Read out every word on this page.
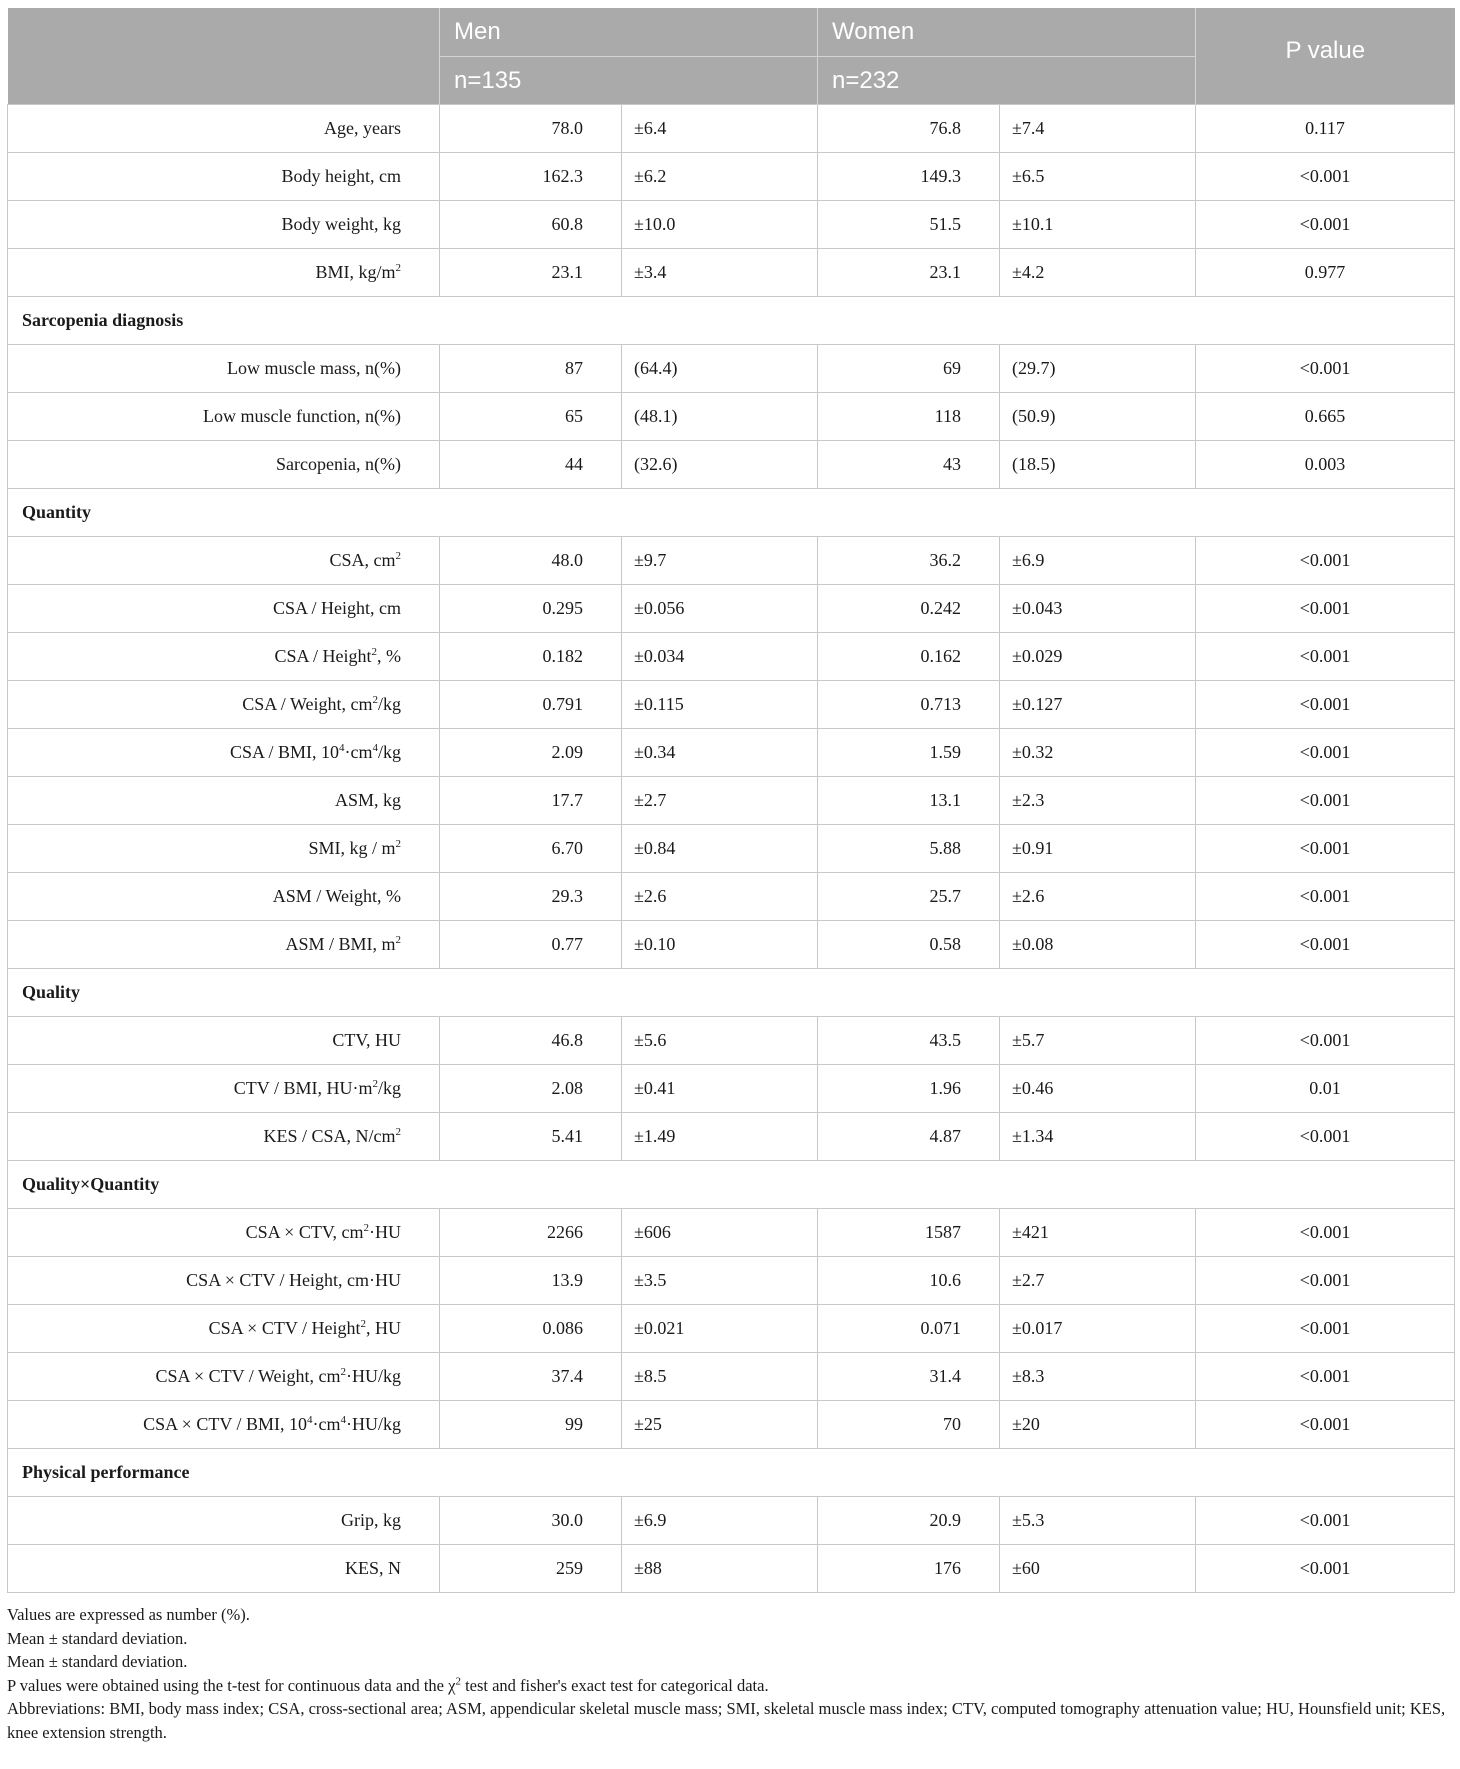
	Men		Women		P value
	n=135		n=232		
Age, years	78.0	±6.4	76.8	±7.4	0.117
Body height, cm	162.3	±6.2	149.3	±6.5	<0.001
Body weight, kg	60.8	±10.0	51.5	±10.1	<0.001
BMI, $kg/m^2$	23.1	±3.4	23.1	±4.2	0.977
Sarcopenia diagnosis					
Low muscle mass, n(%)	87	(64.4)	69	(29.7)	<0.001
Low muscle function, n(%)	65	(48.1)	118	(50.9)	0.665
Sarcopenia, n(%)	44	(32.6)	43	(18.5)	0.003
Quantity					
CSA, $cm^2$	48.0	±9.7	36.2	±6.9	<0.001
CSA / Height, cm	0.295	±0.056	0.242	±0.043	<0.001
CSA / Height$^2$, %	0.182	±0.034	0.162	±0.029	<0.001
CSA / Weight, $cm^2/kg$	0.791	±0.115	0.713	±0.127	<0.001
CSA / BMI, $10^4\cdot cm^4/kg$	2.09	±0.34	1.59	±0.32	<0.001
ASM, kg	17.7	±2.7	13.1	±2.3	<0.001
SMI, kg / $m^2$	6.70	±0.84	5.88	±0.91	<0.001
ASM / Weight, %	29.3	±2.6	25.7	±2.6	<0.001
ASM / BMI, $m^2$	0.77	±0.10	0.58	±0.08	<0.001
Quality					
CTV, HU	46.8	±5.6	43.5	±5.7	<0.001
CTV / BMI, $HU\cdot m^2/kg$	2.08	±0.41	1.96	±0.46	0.01
KES / CSA, $N/cm^2$	5.41	±1.49	4.87	±1.34	<0.001
Quality×Quantity					
CSA × CTV, $cm^2\cdot HU$	2266	±606	1587	±421	<0.001
CSA × CTV / Height, cm·HU	13.9	±3.5	10.6	±2.7	<0.001
CSA × CTV / Height$^2$, HU	0.086	±0.021	0.071	±0.017	<0.001
CSA × CTV / Weight, $cm^2\cdot HU/kg$	37.4	±8.5	31.4	±8.3	<0.001
CSA × CTV / BMI, $10^4\cdot cm^4\cdot HU/kg$	99	±25	70	±20	<0.001
Physical performance					
Grip, kg	30.0	±6.9	20.9	±5.3	<0.001
KES, N	259	±88	176	±60	<0.001
Values are expressed as number (%).
Mean ± standard deviation.
Mean ± standard deviation.
P values were obtained using the t-test for continuous data and the $\chi^2$ test and fisher's exact test for categorical data.
Abbreviations: BMI, body mass index; CSA, cross-sectional area; ASM, appendicular skeletal muscle mass; SMI, skeletal muscle mass index; CTV, computed tomography attenuation value; HU, Hounsfield unit; KES, knee extension strength.
